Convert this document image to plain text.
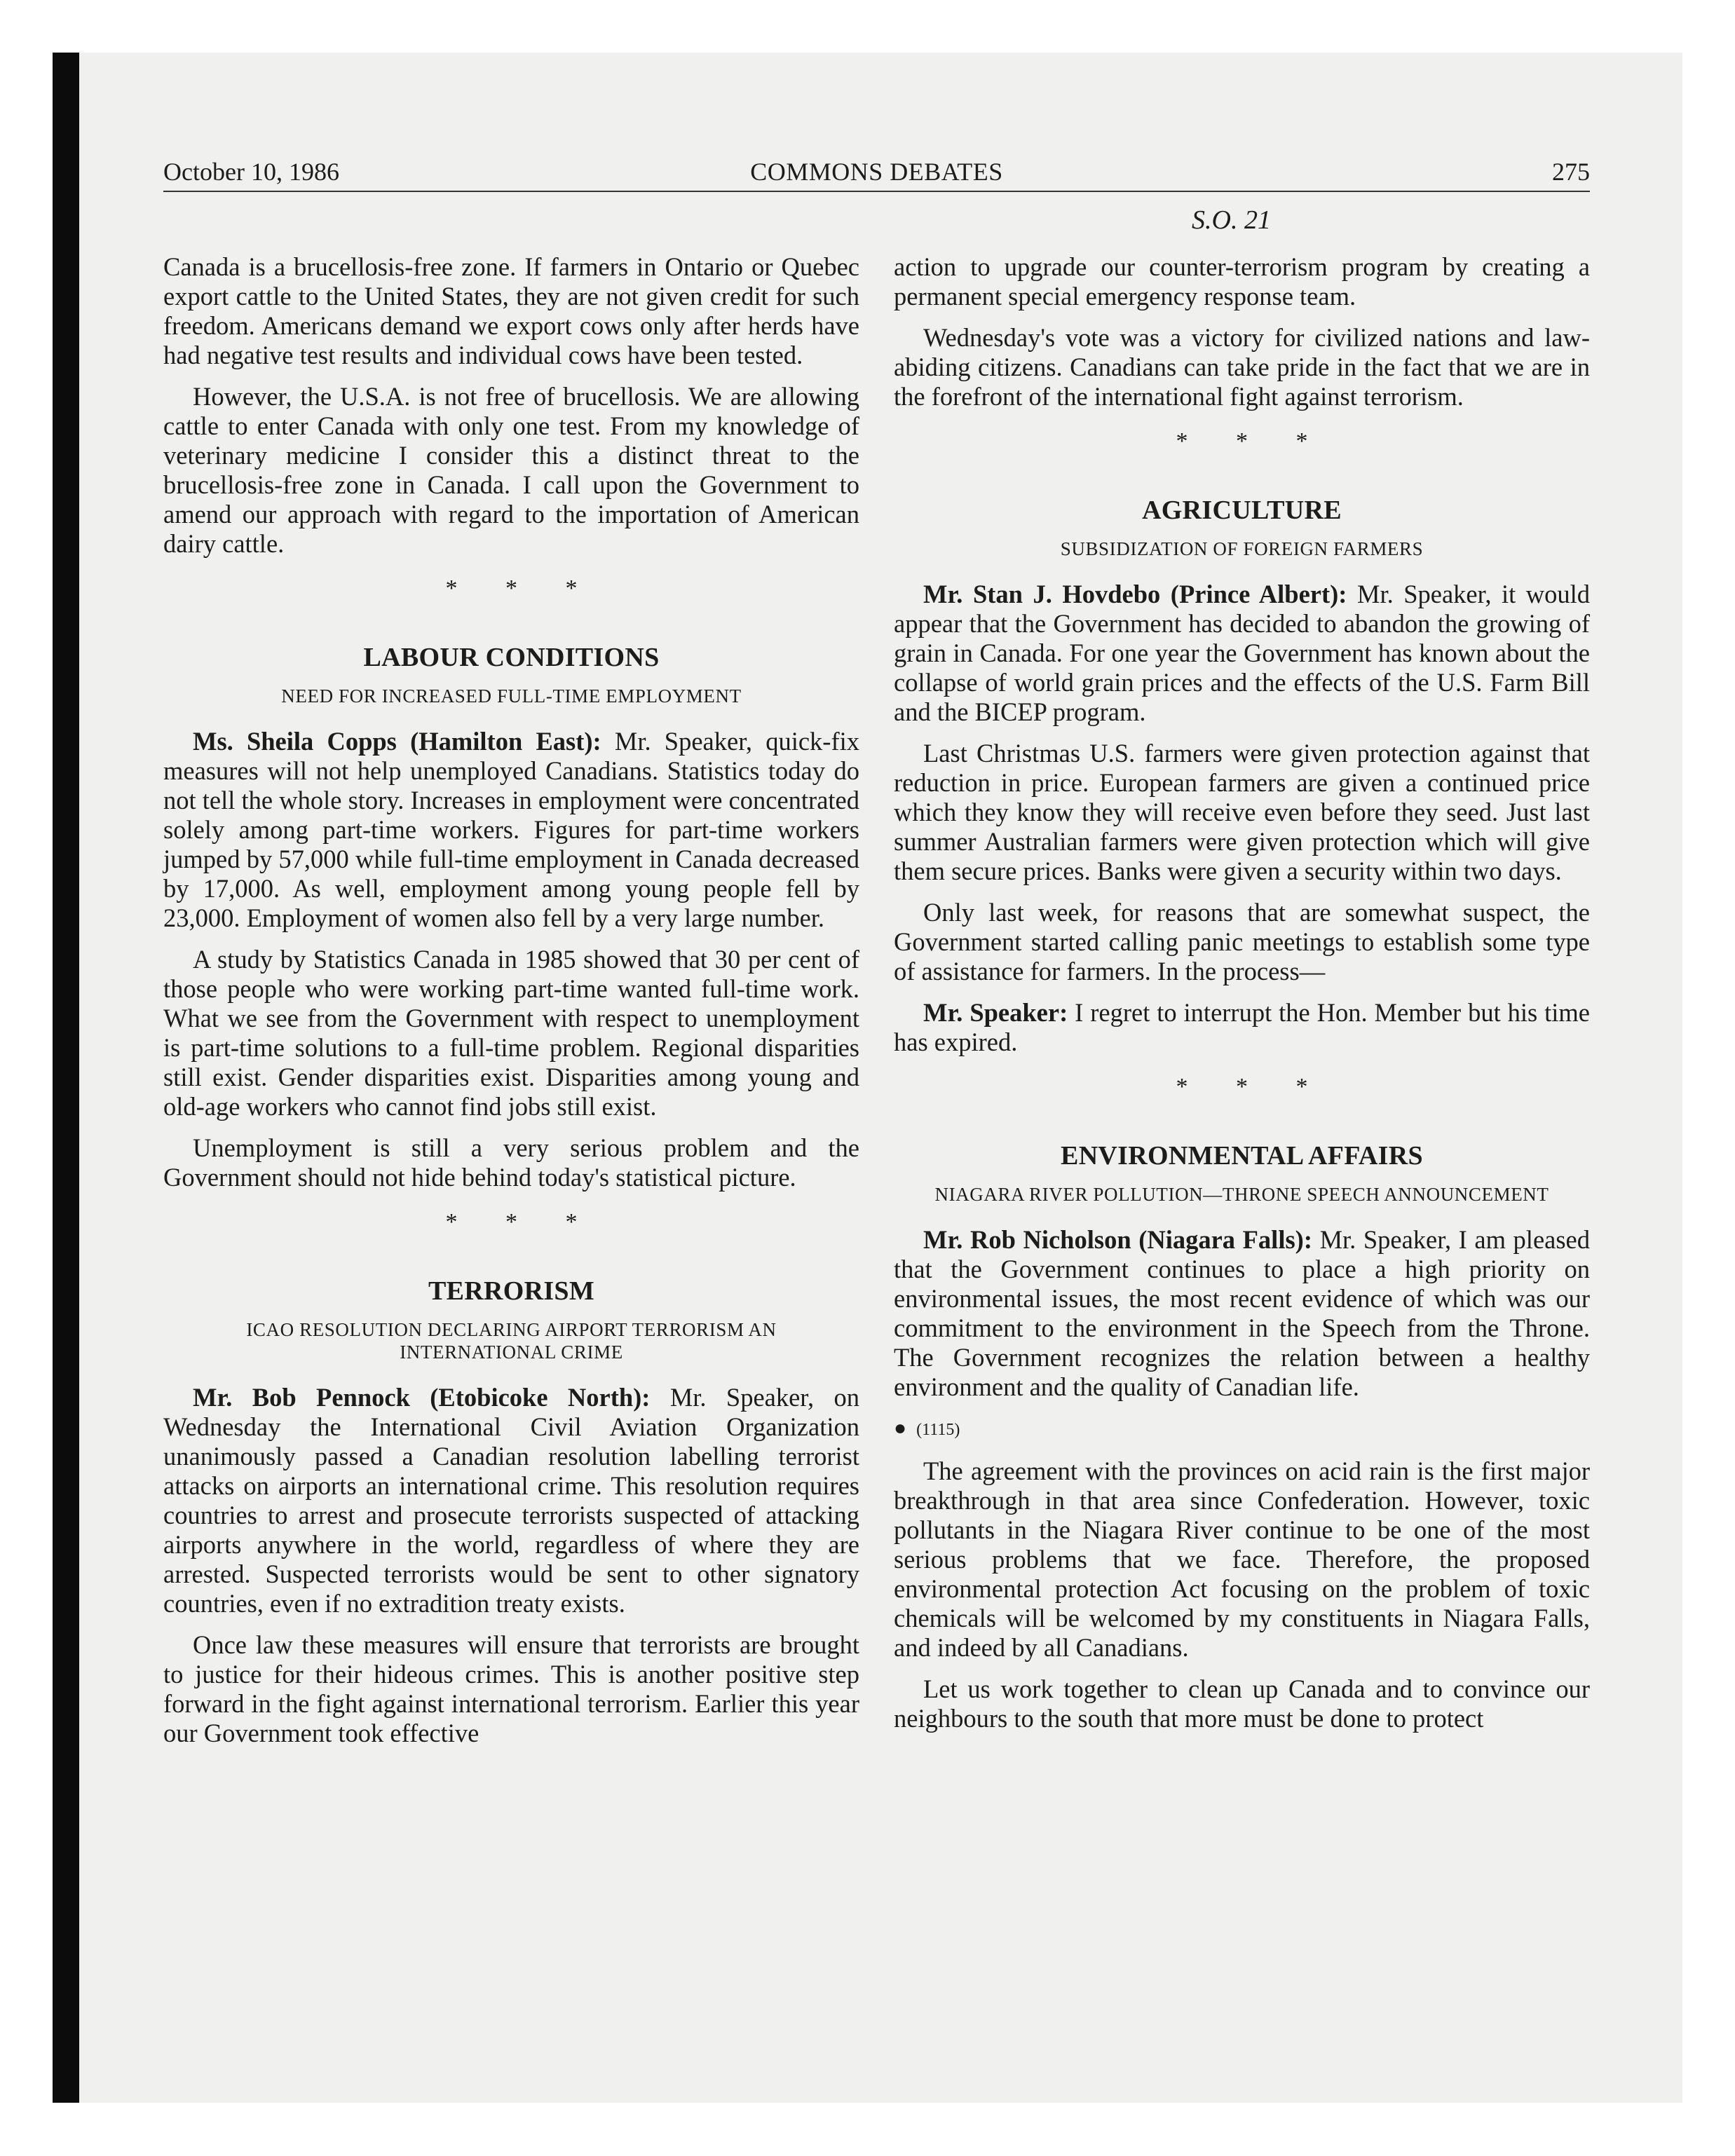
COMMONS DEBATES
October 10, 1986	275
S.O. 21

Canada is a brucellosis-free zone. If farmers in Ontario or Quebec export cattle to the United States, they are not given credit for such freedom. Americans demand we export cows only after herds have had negative test results and individual cows have been tested.

However, the U.S.A. is not free of brucellosis. We are allowing cattle to enter Canada with only one test. From my knowledge of veterinary medicine I consider this a distinct threat to the brucellosis-free zone in Canada. I call upon the Government to amend our approach with regard to the importation of American dairy cattle.

* * *
LABOUR CONDITIONS
NEED FOR INCREASED FULL-TIME EMPLOYMENT

Ms. Sheila Copps (Hamilton East): Mr. Speaker, quick-fix measures will not help unemployed Canadians. Statistics today do not tell the whole story. Increases in employment were concentrated solely among part-time workers. Figures for part-time workers jumped by 57,000 while full-time employment in Canada decreased by 17,000. As well, employment among young people fell by 23,000. Employment of women also fell by a very large number.

A study by Statistics Canada in 1985 showed that 30 per cent of those people who were working part-time wanted full-time work. What we see from the Government with respect to unemployment is part-time solutions to a full-time problem. Regional disparities still exist. Gender disparities exist. Disparities among young and old-age workers who cannot find jobs still exist.

Unemployment is still a very serious problem and the Government should not hide behind today's statistical picture.

* * *
TERRORISM
ICAO RESOLUTION DECLARING AIRPORT TERRORISM AN INTERNATIONAL CRIME

Mr. Bob Pennock (Etobicoke North): Mr. Speaker, on Wednesday the International Civil Aviation Organization unanimously passed a Canadian resolution labelling terrorist attacks on airports an international crime. This resolution requires countries to arrest and prosecute terrorists suspected of attacking airports anywhere in the world, regardless of where they are arrested. Suspected terrorists would be sent to other signatory countries, even if no extradition treaty exists.

Once law these measures will ensure that terrorists are brought to justice for their hideous crimes. This is another positive step forward in the fight against international terrorism. Earlier this year our Government took effective

action to upgrade our counter-terrorism program by creating a permanent special emergency response team.

Wednesday's vote was a victory for civilized nations and law-abiding citizens. Canadians can take pride in the fact that we are in the forefront of the international fight against terrorism.

* * *
AGRICULTURE
SUBSIDIZATION OF FOREIGN FARMERS

Mr. Stan J. Hovdebo (Prince Albert): Mr. Speaker, it would appear that the Government has decided to abandon the growing of grain in Canada. For one year the Government has known about the collapse of world grain prices and the effects of the U.S. Farm Bill and the BICEP program.

Last Christmas U.S. farmers were given protection against that reduction in price. European farmers are given a continued price which they know they will receive even before they seed. Just last summer Australian farmers were given protection which will give them secure prices. Banks were given a security within two days.

Only last week, for reasons that are somewhat suspect, the Government started calling panic meetings to establish some type of assistance for farmers. In the process—

Mr. Speaker: I regret to interrupt the Hon. Member but his time has expired.

* * *
ENVIRONMENTAL AFFAIRS
NIAGARA RIVER POLLUTION—THRONE SPEECH ANNOUNCEMENT

Mr. Rob Nicholson (Niagara Falls): Mr. Speaker, I am pleased that the Government continues to place a high priority on environmental issues, the most recent evidence of which was our commitment to the environment in the Speech from the Throne. The Government recognizes the relation between a healthy environment and the quality of Canadian life.

● (1115)

The agreement with the provinces on acid rain is the first major breakthrough in that area since Confederation. However, toxic pollutants in the Niagara River continue to be one of the most serious problems that we face. Therefore, the proposed environmental protection Act focusing on the problem of toxic chemicals will be welcomed by my constituents in Niagara Falls, and indeed by all Canadians.

Let us work together to clean up Canada and to convince our neighbours to the south that more must be done to protect
